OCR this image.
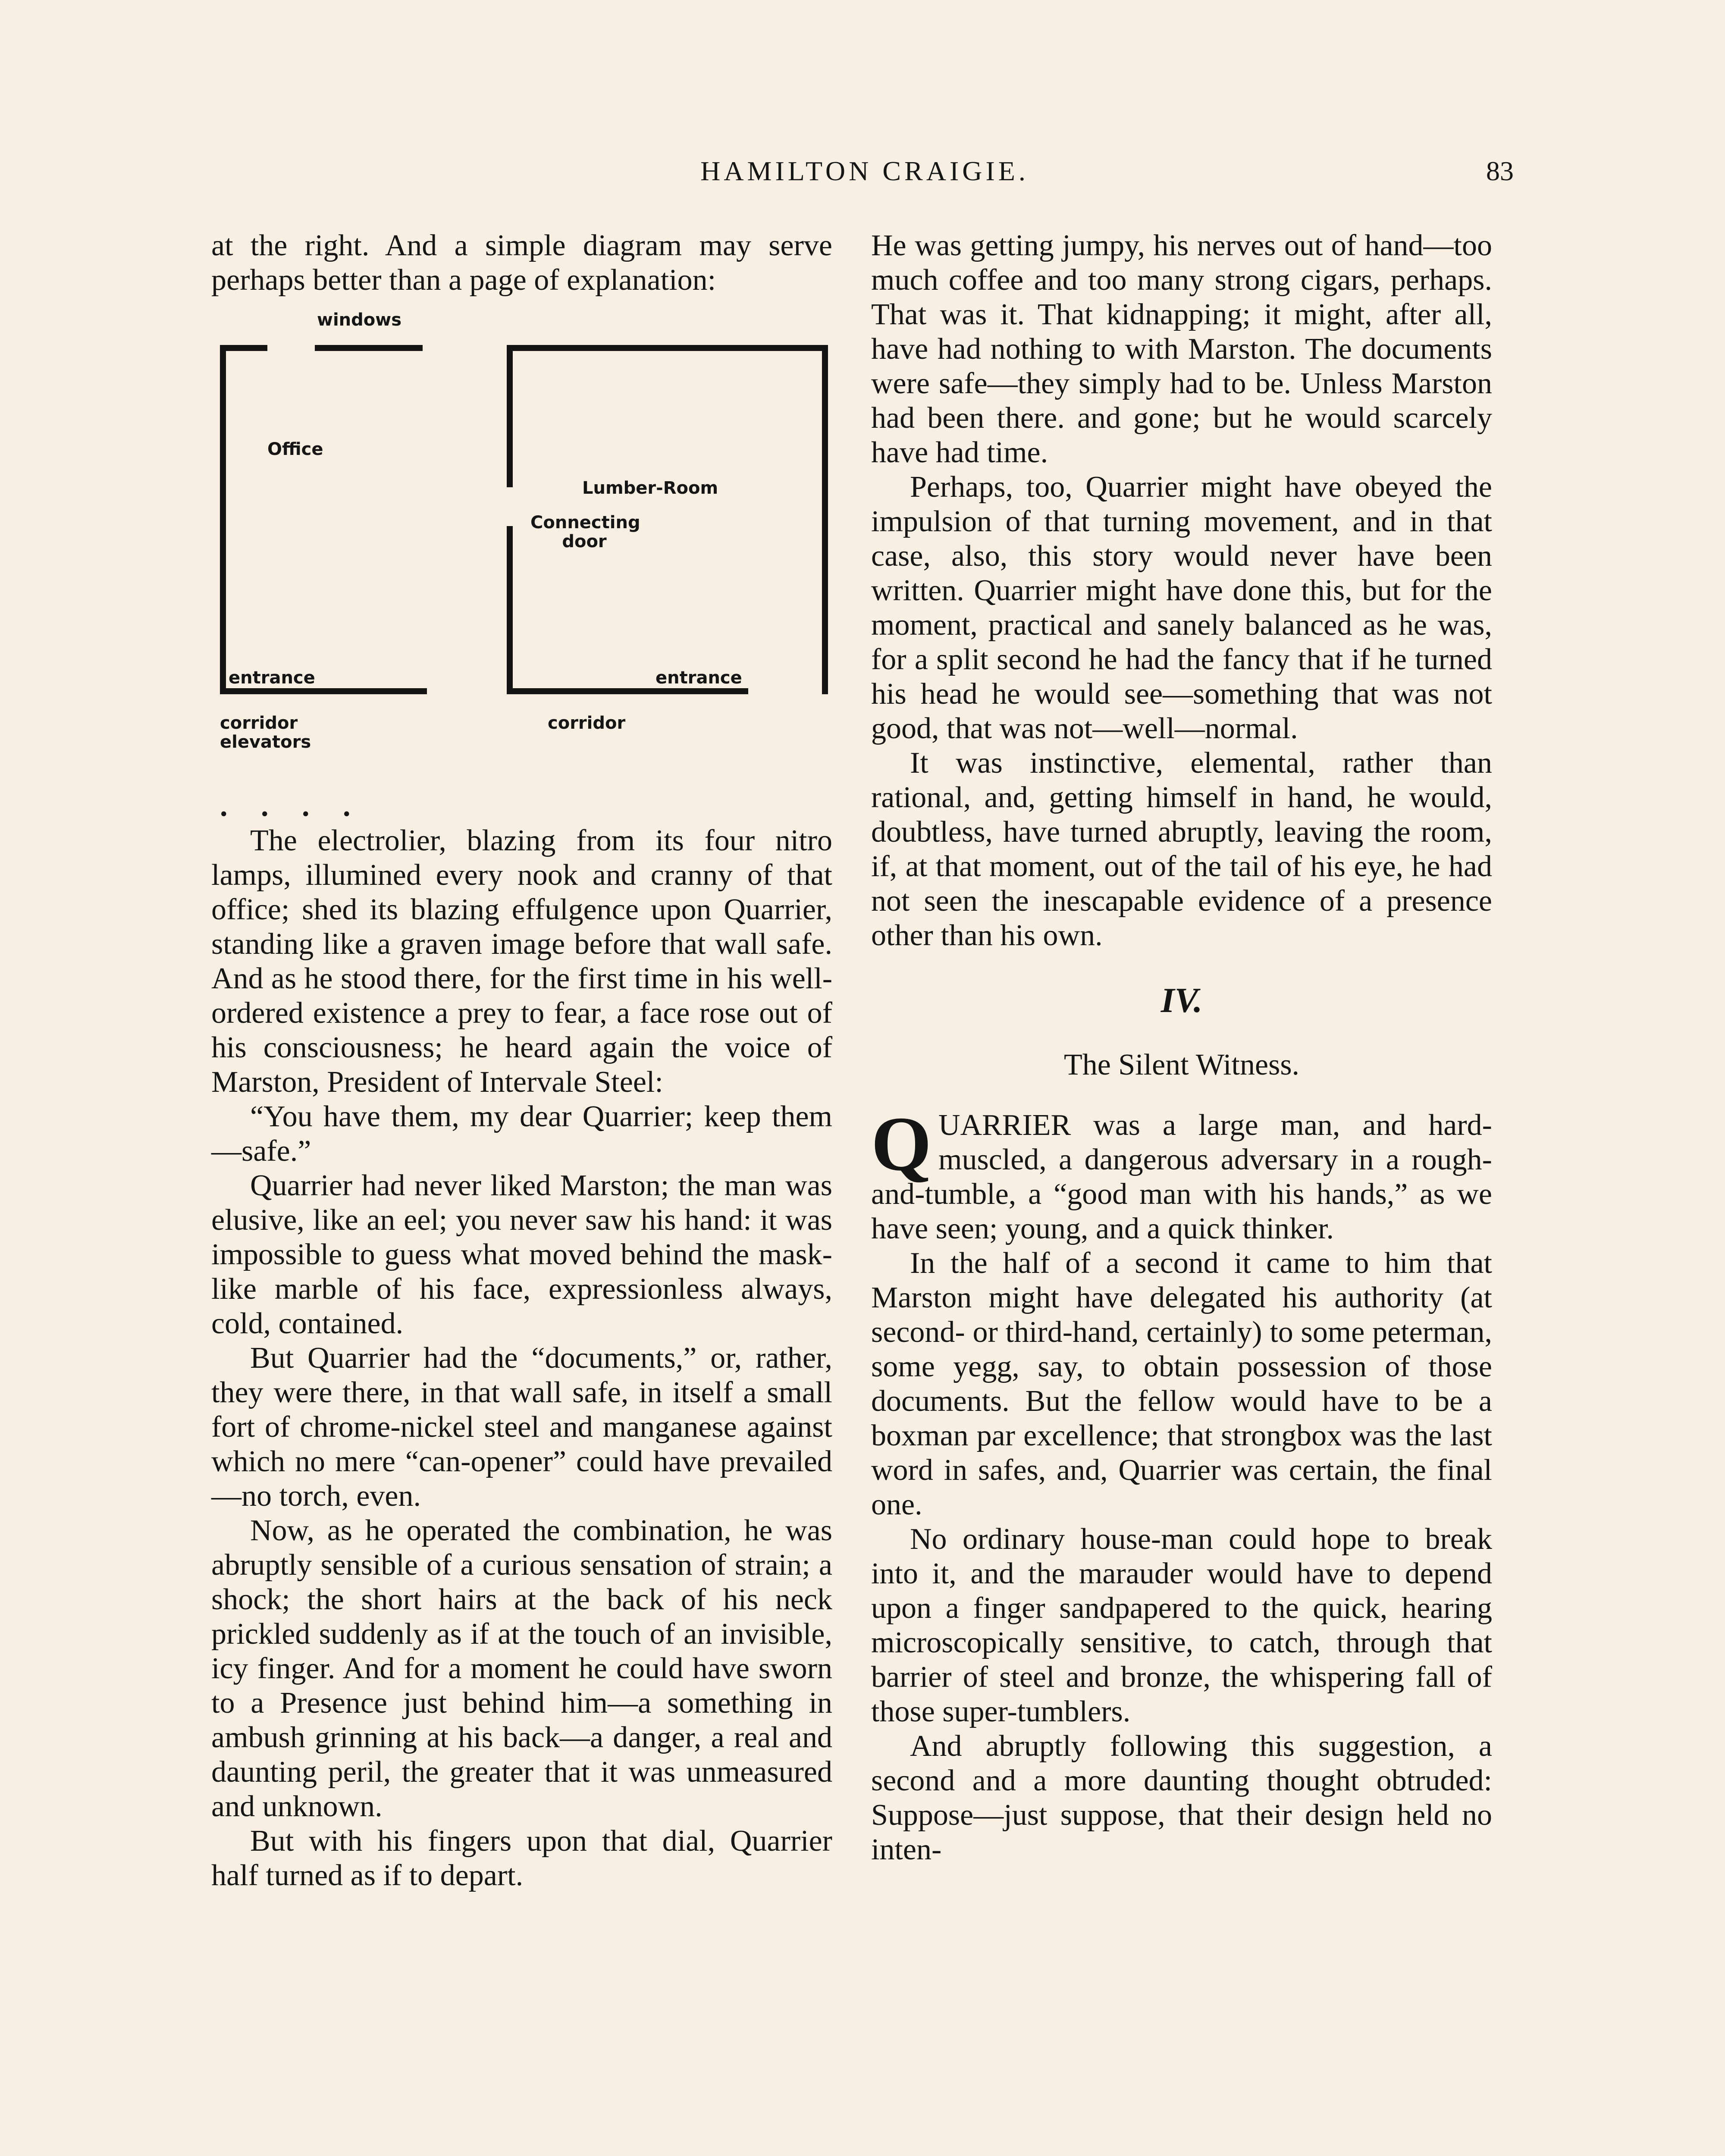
HAMILTON CRAIGIE.	83

at the right. And a simple diagram may serve perhaps better than a page of explanation:

windows
Office
Lumber-Room
Connecting door
entrance	entrance
corridor elevators
corridor
. . . .

The electrolier, blazing from its four nitro lamps, illumined every nook and cranny of that office; shed its blazing effulgence upon Quarrier, standing like a graven image before that wall safe. And as he stood there, for the first time in his well-ordered existence a prey to fear, a face rose out of his consciousness; he heard again the voice of Marston, President of Intervale Steel:

“You have them, my dear Quarrier; keep them—safe.”

Quarrier had never liked Marston; the man was elusive, like an eel; you never saw his hand: it was impossible to guess what moved behind the mask-like marble of his face, expressionless always, cold, contained.

But Quarrier had the “documents,” or, rather, they were there, in that wall safe, in itself a small fort of chrome-nickel steel and manganese against which no mere “can-opener” could have prevailed—no torch, even.

Now, as he operated the combination, he was abruptly sensible of a curious sensation of strain; a shock; the short hairs at the back of his neck prickled suddenly as if at the touch of an invisible, icy finger. And for a moment he could have sworn to a Presence just behind him—a something in ambush grinning at his back—a danger, a real and daunting peril, the greater that it was unmeasured and unknown.

But with his fingers upon that dial, Quarrier half turned as if to depart.

He was getting jumpy, his nerves out of hand—too much coffee and too many strong cigars, perhaps. That was it. That kidnapping; it might, after all, have had nothing to with Marston. The documents were safe—they simply had to be. Unless Marston had been there. and gone; but he would scarcely have had time.

Perhaps, too, Quarrier might have obeyed the impulsion of that turning movement, and in that case, also, this story would never have been written. Quarrier might have done this, but for the moment, practical and sanely balanced as he was, for a split second he had the fancy that if he turned his head he would see—something that was not good, that was not—well—normal.

It was instinctive, elemental, rather than rational, and, getting himself in hand, he would, doubtless, have turned abruptly, leaving the room, if, at that moment, out of the tail of his eye, he had not seen the inescapable evidence of a presence other than his own.

IV.
The Silent Witness.

QUARRIER was a large man, and hard-muscled, a dangerous adversary in a rough-and-tumble, a “good man with his hands,” as we have seen; young, and a quick thinker.

In the half of a second it came to him that Marston might have delegated his authority (at second- or third-hand, certainly) to some peterman, some yegg, say, to obtain possession of those documents. But the fellow would have to be a boxman par excellence; that strongbox was the last word in safes, and, Quarrier was certain, the final one.

No ordinary house-man could hope to break into it, and the marauder would have to depend upon a finger sandpapered to the quick, hearing microscopically sensitive, to catch, through that barrier of steel and bronze, the whispering fall of those super-tumblers.

And abruptly following this suggestion, a second and a more daunting thought obtruded: Suppose—just suppose, that their design held no inten-
